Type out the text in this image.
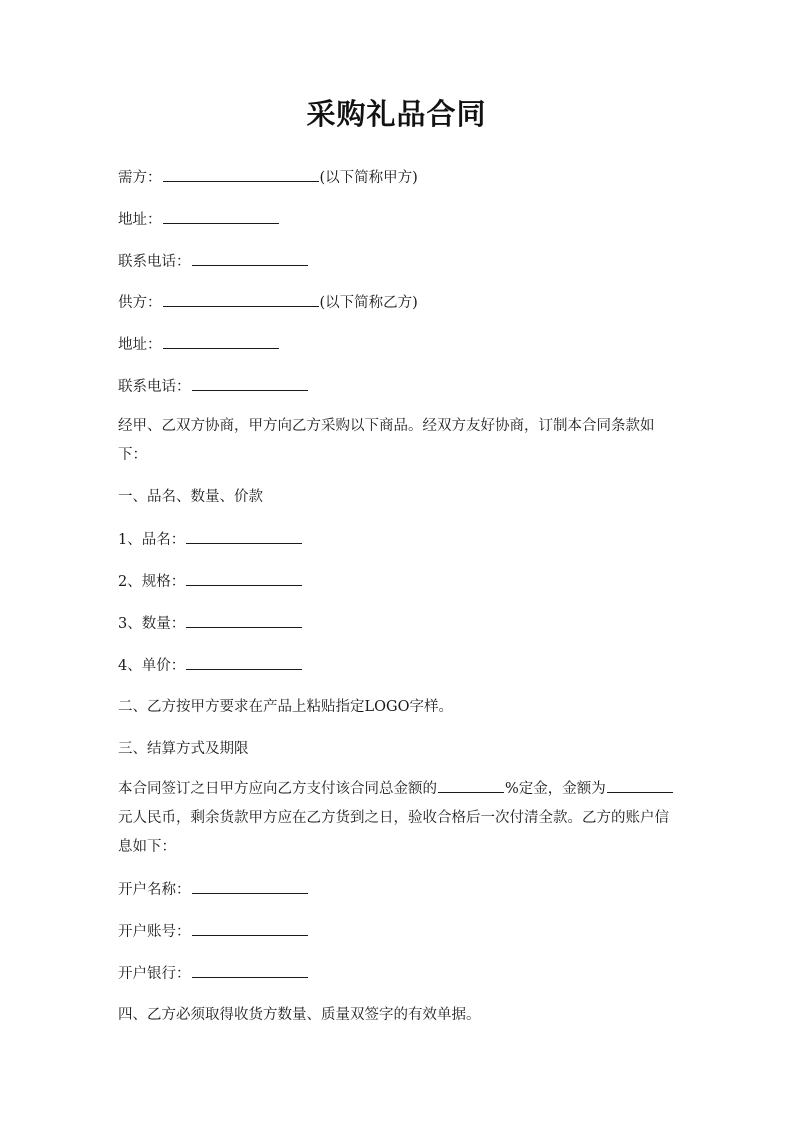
采购礼品合同
需方：	(以下简称甲方)
地址：
联系电话：
供方：	(以下简称乙方)
地址：
联系电话：
经甲、乙双方协商，甲方向乙方采购以下商品。经双方友好协商，订制本合同条款如下：
一、品名、数量、价款
1、品名：
2、规格：
3、数量：
4、单价：
二、乙方按甲方要求在产品上粘贴指定LOGO字样。
三、结算方式及期限
本合同签订之日甲方应向乙方支付该合同总金额的	%定金，金额为元人民币，剩余货款甲方应在乙方货到之日，验收合格后一次付清全款。乙方的账户信息如下：
开户名称：
开户账号：
开户银行：
四、乙方必须取得收货方数量、质量双签字的有效单据。
